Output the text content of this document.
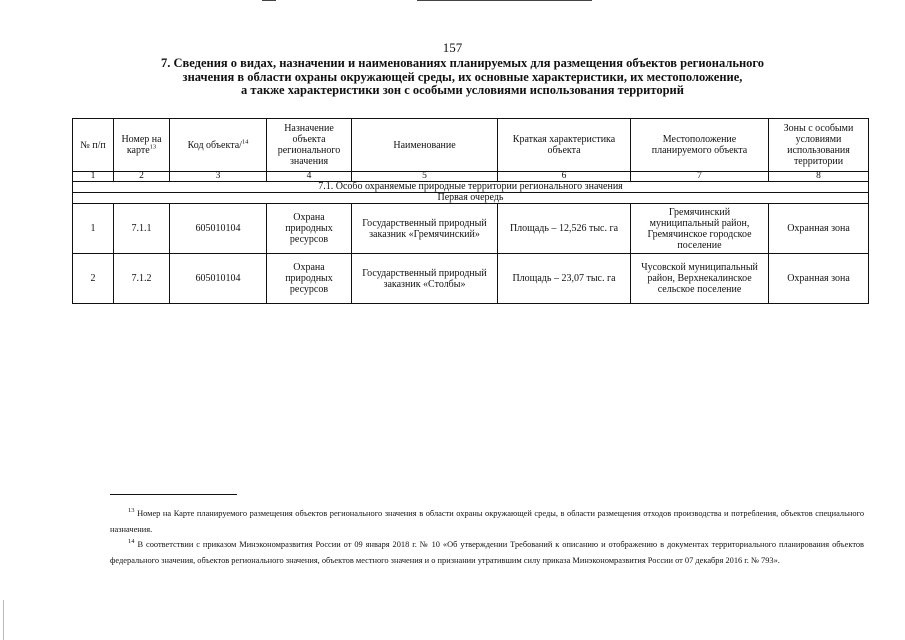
157
7. Сведения о видах, назначении и наименованиях планируемых для размещения объектов регионального
значения в области охраны окружающей среды, их основные характеристики, их местоположение,
а также характеристики зон с особыми условиями использования территорий
№ п/п	Номер на карте$^{13}$	Код объекта/$^{14}$	Назначение объекта регионального значения	Наименование	Краткая характеристика объекта	Местоположение планируемого объекта	Зоны с особыми условиями использования территории
1	2	3	4	5	6	7	8
7.1. Особо охраняемые природные территории регионального значения							
Первая очередь							
1	7.1.1	605010104	Охрана природных ресурсов	Государственный природный заказник «Гремячинский»	Площадь – 12,526 тыс. га	Гремячинский муниципальный район, Гремячинское городское поселение	Охранная зона
2	7.1.2	605010104	Охрана природных ресурсов	Государственный природный заказник «Столбы»	Площадь – 23,07 тыс. га	Чусовской муниципальный район, Верхнекалинское сельское поселение	Охранная зона

$^{13}$ Номер на Карте планируемого размещения объектов регионального значения в области охраны окружающей среды, в области размещения отходов производства и потребления, объектов специального назначения.

$^{14}$ В соответствии с приказом Минэкономразвития России от 09 января 2018 г. № 10 «Об утверждении Требований к описанию и отображению в документах территориального планирования объектов федерального значения, объектов регионального значения, объектов местного значения и о признании утратившим силу приказа Минэкономразвития России от 07 декабря 2016 г. № 793».
